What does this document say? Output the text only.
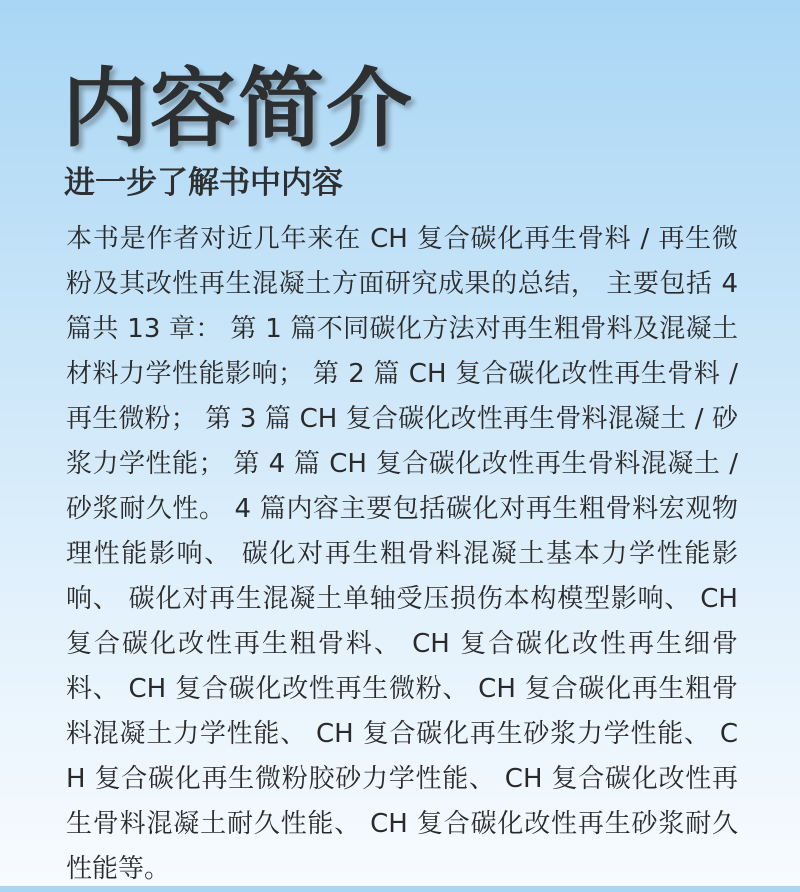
内容简介
进一步了解书中内容

本书是作者对近几年来在 CH 复合碳化再生骨料 / 再生微粉及其改性再生混凝土方面研究成果的总结， 主要包括 4 篇共 13 章： 第 1 篇不同碳化方法对再生粗骨料及混凝土材料力学性能影响； 第 2 篇 CH 复合碳化改性再生骨料 / 再生微粉； 第 3 篇 CH 复合碳化改性再生骨料混凝土 / 砂浆力学性能； 第 4 篇 CH 复合碳化改性再生骨料混凝土 / 砂浆耐久性。 4 篇内容主要包括碳化对再生粗骨料宏观物理性能影响、 碳化对再生粗骨料混凝土基本力学性能影响、 碳化对再生混凝土单轴受压损伤本构模型影响、 CH 复合碳化改性再生粗骨料、 CH 复合碳化改性再生细骨料、 CH 复合碳化改性再生微粉、 CH 复合碳化再生粗骨料混凝土力学性能、 CH 复合碳化再生砂浆力学性能、 CH 复合碳化再生微粉胶砂力学性能、 CH 复合碳化改性再生骨料混凝土耐久性能、 CH 复合碳化改性再生砂浆耐久性能等。
